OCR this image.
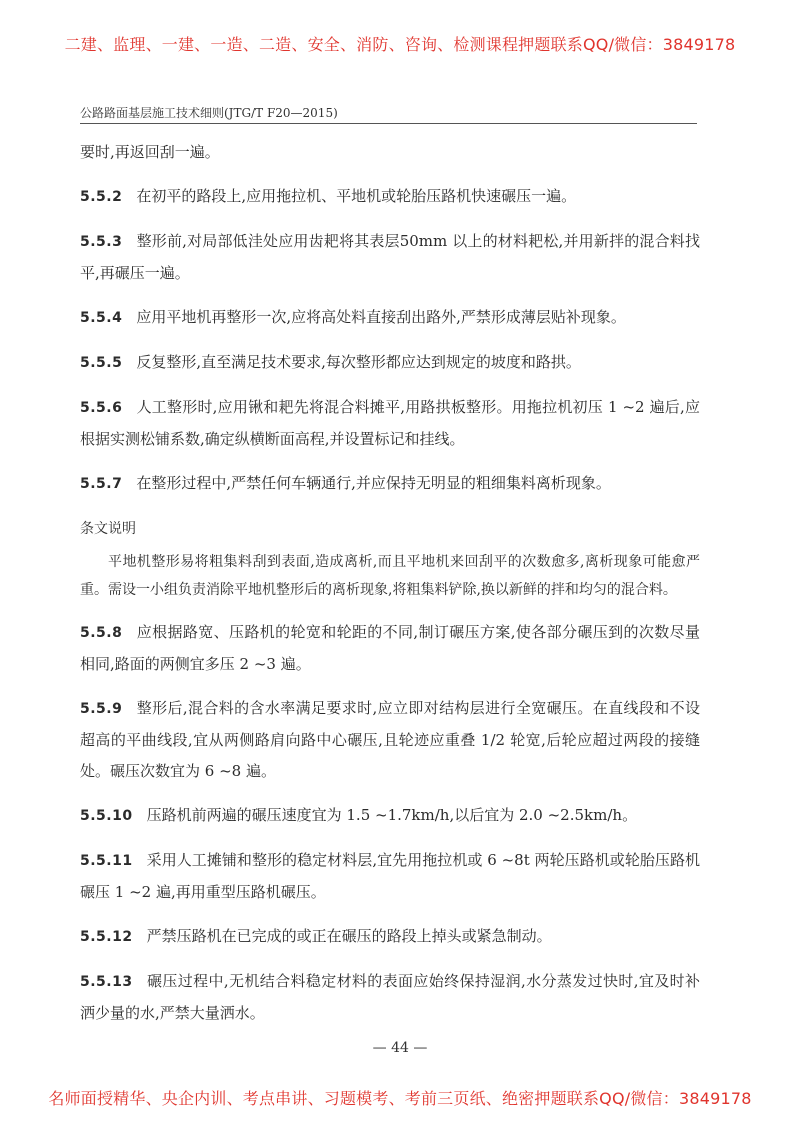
二建、监理、一建、一造、二造、安全、消防、咨询、检测课程押题联系QQ/微信：3849178
公路路面基层施工技术细则(JTG/T F20—2015)

要时,再返回刮一遍。

5.5.2 在初平的路段上,应用拖拉机、平地机或轮胎压路机快速碾压一遍。

5.5.3 整形前,对局部低洼处应用齿耙将其表层50mm 以上的材料耙松,并用新拌的混合料找平,再碾压一遍。

5.5.4 应用平地机再整形一次,应将高处料直接刮出路外,严禁形成薄层贴补现象。

5.5.5 反复整形,直至满足技术要求,每次整形都应达到规定的坡度和路拱。

5.5.6 人工整形时,应用锹和耙先将混合料摊平,用路拱板整形。用拖拉机初压 1 ~2 遍后,应根据实测松铺系数,确定纵横断面高程,并设置标记和挂线。

5.5.7 在整形过程中,严禁任何车辆通行,并应保持无明显的粗细集料离析现象。

条文说明

平地机整形易将粗集料刮到表面,造成离析,而且平地机来回刮平的次数愈多,离析现象可能愈严重。需设一小组负责消除平地机整形后的离析现象,将粗集料铲除,换以新鲜的拌和均匀的混合料。

5.5.8 应根据路宽、压路机的轮宽和轮距的不同,制订碾压方案,使各部分碾压到的次数尽量相同,路面的两侧宜多压 2 ~3 遍。

5.5.9 整形后,混合料的含水率满足要求时,应立即对结构层进行全宽碾压。在直线段和不设超高的平曲线段,宜从两侧路肩向路中心碾压,且轮迹应重叠 1/2 轮宽,后轮应超过两段的接缝处。碾压次数宜为 6 ~8 遍。

5.5.10 压路机前两遍的碾压速度宜为 1.5 ~1.7km/h,以后宜为 2.0 ~2.5km/h。

5.5.11 采用人工摊铺和整形的稳定材料层,宜先用拖拉机或 6 ~8t 两轮压路机或轮胎压路机碾压 1 ~2 遍,再用重型压路机碾压。

5.5.12 严禁压路机在已完成的或正在碾压的路段上掉头或紧急制动。

5.5.13 碾压过程中,无机结合料稳定材料的表面应始终保持湿润,水分蒸发过快时,宜及时补洒少量的水,严禁大量洒水。

— 44 —
名师面授精华、央企内训、考点串讲、习题模考、考前三页纸、绝密押题联系QQ/微信：3849178
